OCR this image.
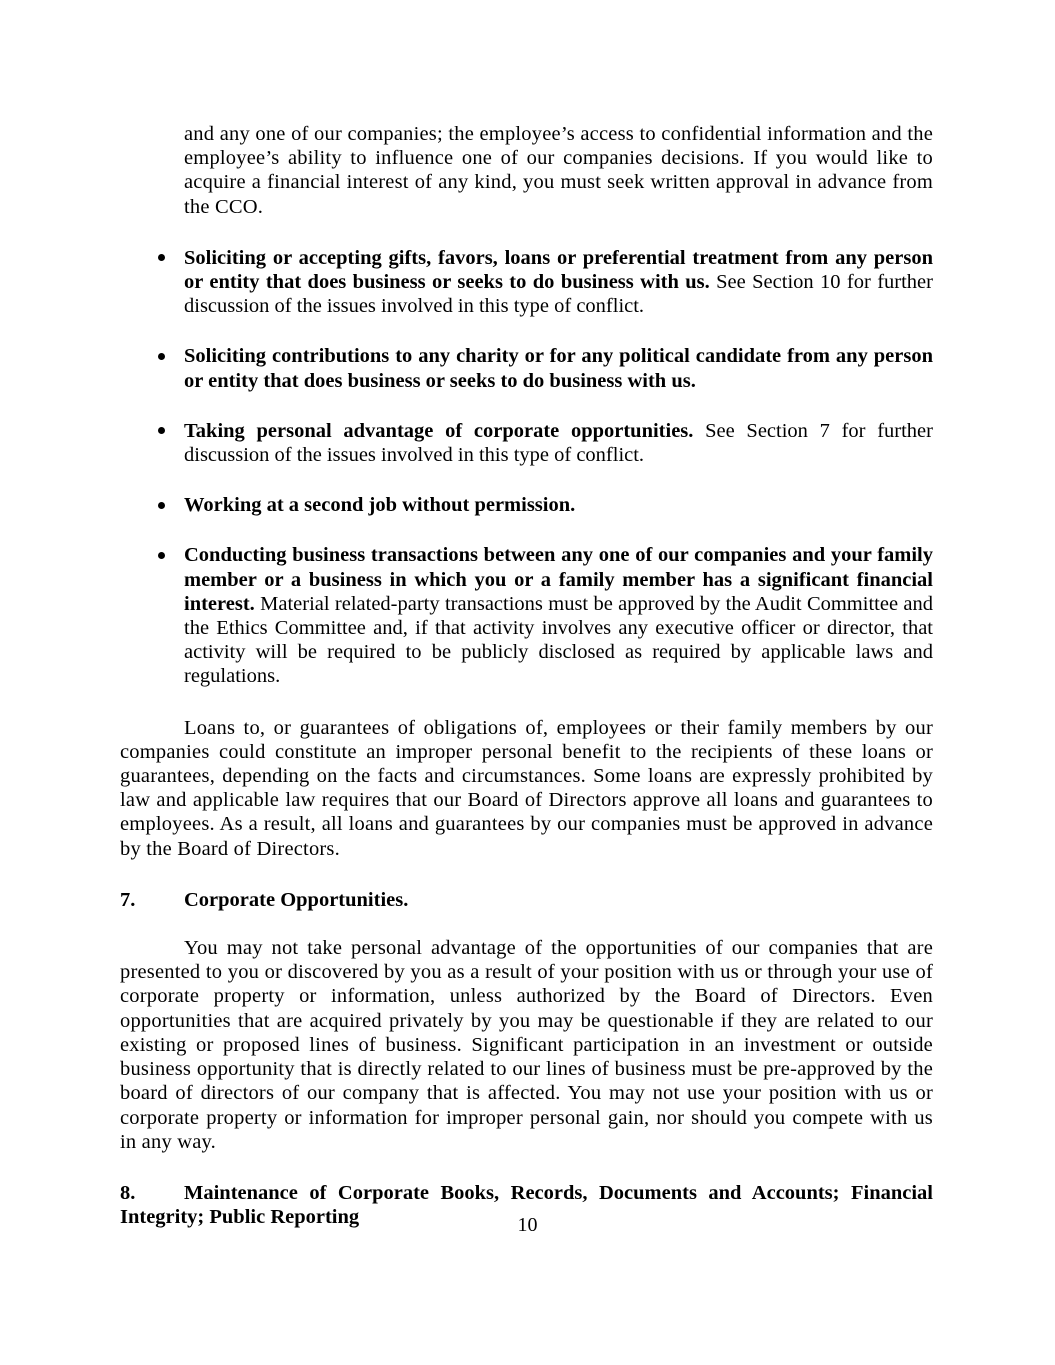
and any one of our companies; the employee’s access to confidential information and the employee’s ability to influence one of our companies decisions. If you would like to acquire a financial interest of any kind, you must seek written approval in advance from the CCO.

Soliciting or accepting gifts, favors, loans or preferential treatment from any person or entity that does business or seeks to do business with us. See Section 10 for further discussion of the issues involved in this type of conflict.
Soliciting contributions to any charity or for any political candidate from any person or entity that does business or seeks to do business with us.
Taking personal advantage of corporate opportunities. See Section 7 for further discussion of the issues involved in this type of conflict.
Working at a second job without permission.
Conducting business transactions between any one of our companies and your family member or a business in which you or a family member has a significant financial interest. Material related-party transactions must be approved by the Audit Committee and the Ethics Committee and, if that activity involves any executive officer or director, that activity will be required to be publicly disclosed as required by applicable laws and regulations.

Loans to, or guarantees of obligations of, employees or their family members by our companies could constitute an improper personal benefit to the recipients of these loans or guarantees, depending on the facts and circumstances. Some loans are expressly prohibited by law and applicable law requires that our Board of Directors approve all loans and guarantees to employees. As a result, all loans and guarantees by our companies must be approved in advance by the Board of Directors.

7. Corporate Opportunities.

You may not take personal advantage of the opportunities of our companies that are presented to you or discovered by you as a result of your position with us or through your use of corporate property or information, unless authorized by the Board of Directors. Even opportunities that are acquired privately by you may be questionable if they are related to our existing or proposed lines of business. Significant participation in an investment or outside business opportunity that is directly related to our lines of business must be pre-approved by the board of directors of our company that is affected. You may not use your position with us or corporate property or information for improper personal gain, nor should you compete with us in any way.

8.	Maintenance of Corporate Books, Records, Documents and Accounts; Financial Integrity; Public Reporting	10
